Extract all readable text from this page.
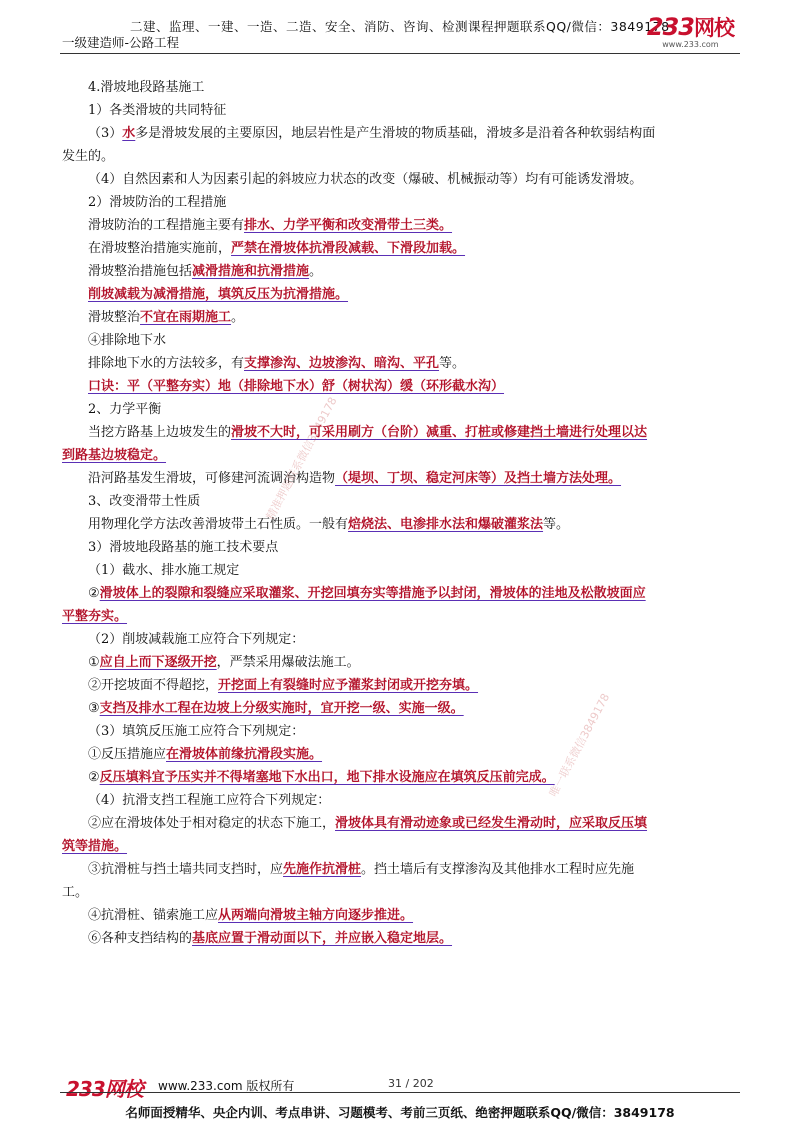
二建、监理、一建、一造、二造、安全、消防、咨询、检测课程押题联系QQ/微信：3849178
一级建造师-公路工程
233网校
www.233.com
4.滑坡地段路基施工
1）各类滑坡的共同特征
（3）水多是滑坡发展的主要原因，地层岩性是产生滑坡的物质基础，滑坡多是沿着各种软弱结构面
发生的。
（4）自然因素和人为因素引起的斜坡应力状态的改变（爆破、机械振动等）均有可能诱发滑坡。
2）滑坡防治的工程措施
滑坡防治的工程措施主要有排水、力学平衡和改变滑带土三类。
在滑坡整治措施实施前，严禁在滑坡体抗滑段减载、下滑段加载。
滑坡整治措施包括减滑措施和抗滑措施。
削坡减载为减滑措施，填筑反压为抗滑措施。
滑坡整治不宜在雨期施工。
④排除地下水
排除地下水的方法较多，有支撑渗沟、边坡渗沟、暗沟、平孔等。
口诀：平（平整夯实）地（排除地下水）舒（树状沟）缓（环形截水沟）
2、力学平衡
当挖方路基上边坡发生的滑坡不大时，可采用刷方（台阶）减重、打桩或修建挡土墙进行处理以达
到路基边坡稳定。
沿河路基发生滑坡，可修建河流调治构造物（堤坝、丁坝、稳定河床等）及挡土墙方法处理。
3、改变滑带土性质
用物理化学方法改善滑坡带土石性质。一般有焙烧法、电渗排水法和爆破灌浆法等。
3）滑坡地段路基的施工技术要点
（1）截水、排水施工规定
②滑坡体上的裂隙和裂缝应采取灌浆、开挖回填夯实等措施予以封闭，滑坡体的洼地及松散坡面应
平整夯实。
（2）削坡减载施工应符合下列规定：
①应自上而下逐级开挖，严禁采用爆破法施工。
②开挖坡面不得超挖，开挖面上有裂缝时应予灌浆封闭或开挖夯填。
③支挡及排水工程在边坡上分级实施时，宜开挖一级、实施一级。
（3）填筑反压施工应符合下列规定：
①反压措施应在滑坡体前缘抗滑段实施。
②反压填料宜予压实并不得堵塞地下水出口，地下排水设施应在填筑反压前完成。
（4）抗滑支挡工程施工应符合下列规定：
②应在滑坡体处于相对稳定的状态下施工，滑坡体具有滑动迹象或已经发生滑动时，应采取反压填
筑等措施。
③抗滑桩与挡土墙共同支挡时，应先施作抗滑桩。挡土墙后有支撑渗沟及其他排水工程时应先施
工。
④抗滑桩、锚索施工应从两端向滑坡主轴方向逐步推进。
⑥各种支挡结构的基底应置于滑动面以下，并应嵌入稳定地层。
精准押题联系微信3849178
唯一联系微信3849178
233网校 www.233.com 版权所有	31 / 202
名师面授精华、央企内训、考点串讲、习题模考、考前三页纸、绝密押题联系QQ/微信：3849178
